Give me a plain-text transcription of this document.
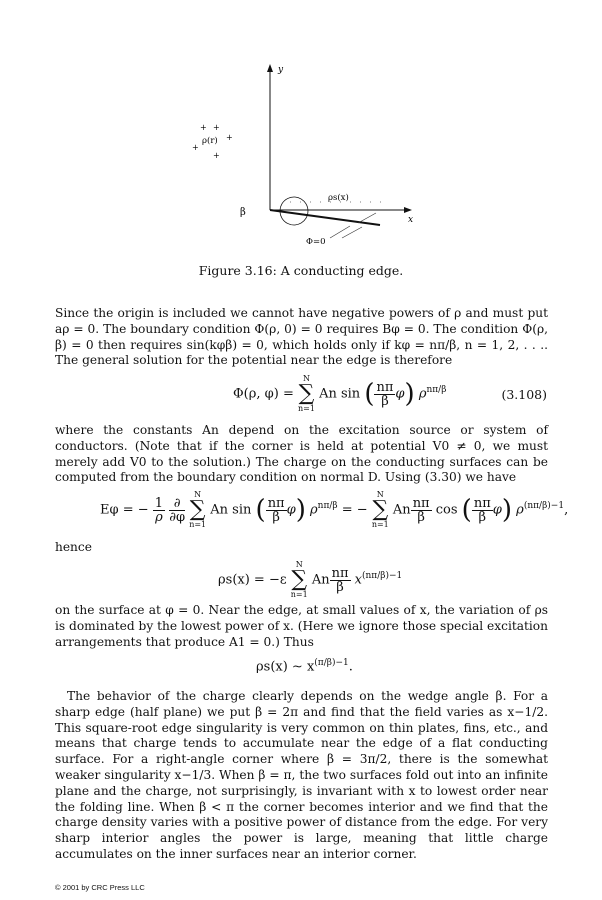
y
x
β
Φ=0
ρs(x)
ρ(r)
+ +
+
+
+
Figure 3.16: A conducting edge.
Since the origin is included we cannot have negative powers of ρ and must put aρ = 0. The boundary condition Φ(ρ, 0) = 0 requires Bφ = 0. The condition Φ(ρ, β) = 0 then requires sin(kφβ) = 0, which holds only if kφ = nπ/β, n = 1, 2, . . .. The general solution for the potential near the edge is therefore
Φ(ρ, φ) =
N
∑
n=1
An sin ( $\frac{n\pi}{\beta} \varphi$) $\rho^{n\pi/\beta}$	(3.108)
where the constants An depend on the excitation source or system of conductors. (Note that if the corner is held at potential V0 ≠ 0, we must merely add V0 to the solution.) The charge on the conducting surfaces can be computed from the boundary condition on normal D. Using (3.30) we have
Eφ = − $\frac{1}{\rho}$
$\frac{\partial}{\partial\varphi}$

N
∑
n=1
An sin ( $\frac{n\pi}{\beta} \varphi$) $\rho^{n\pi/\beta}$ = −
N
∑
n=1
An $\frac{n\pi}{\beta}$ cos ( $\frac{n\pi}{\beta} \varphi$) $\rho^{(n\pi/\beta)-1}$,
hence
ρs(x) = −ε
N
∑
n=1
An $\frac{n\pi}{\beta} x^{(n\pi/\beta)-1}$
on the surface at φ = 0. Near the edge, at small values of x, the variation of ρs is dominated by the lowest power of x. (Here we ignore those special excitation arrangements that produce A1 = 0.) Thus
ρs(x) ∼ $x^{(\pi/\beta)-1}$.
The behavior of the charge clearly depends on the wedge angle β. For a sharp edge (half plane) we put β = 2π and find that the field varies as x−1/2. This square-root edge singularity is very common on thin plates, fins, etc., and means that charge tends to accumulate near the edge of a flat conducting surface. For a right-angle corner where β = 3π/2, there is the somewhat weaker singularity x−1/3. When β = π, the two surfaces fold out into an infinite plane and the charge, not surprisingly, is invariant with x to lowest order near the folding line. When β < π the corner becomes interior and we find that the charge density varies with a positive power of distance from the edge. For very sharp interior angles the power is large, meaning that little charge accumulates on the inner surfaces near an interior corner.
© 2001 by CRC Press LLC
